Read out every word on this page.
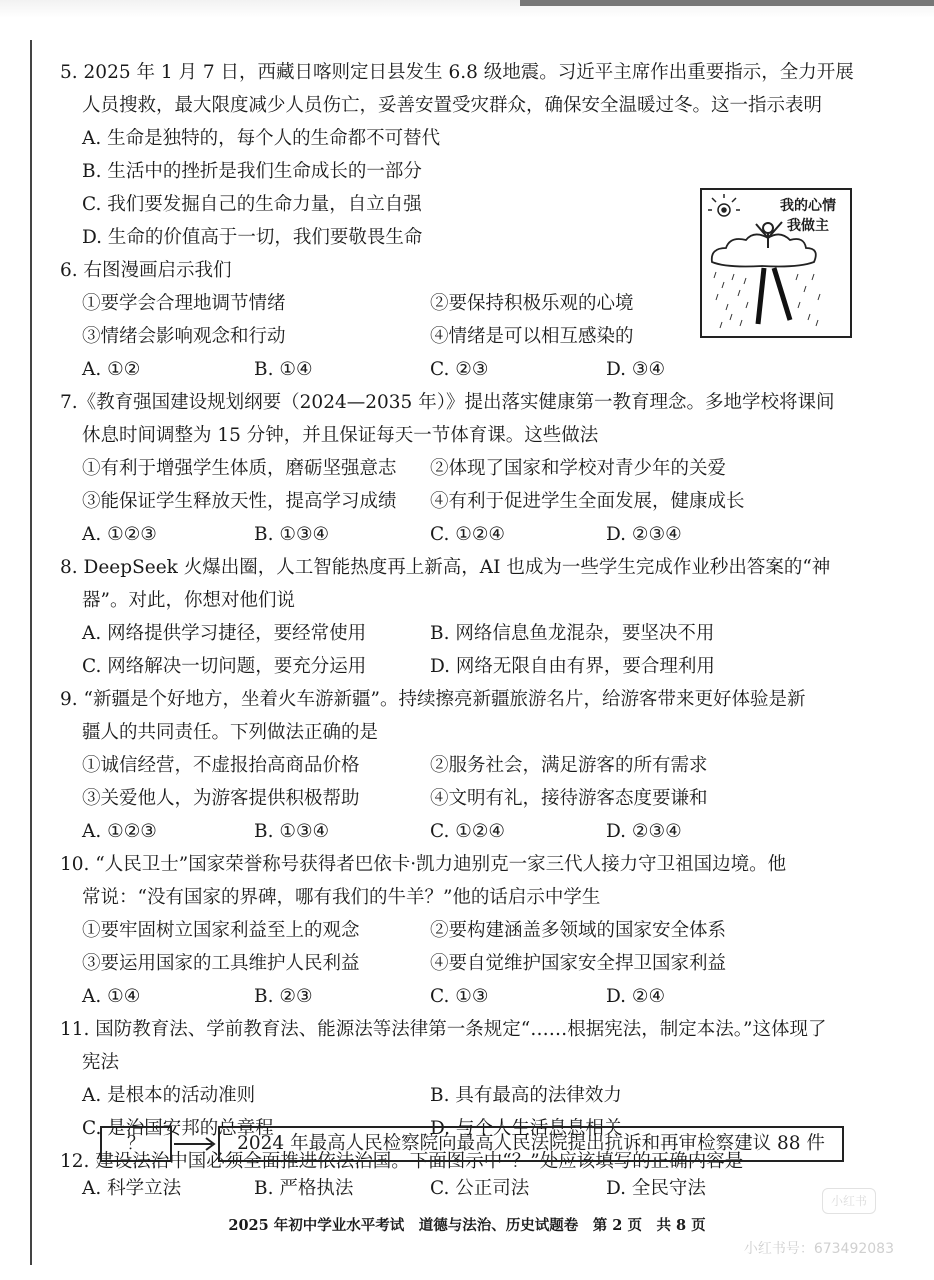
5. 2025 年 1 月 7 日，西藏日喀则定日县发生 6.8 级地震。习近平主席作出重要指示，全力开展

人员搜救，最大限度减少人员伤亡，妥善安置受灾群众，确保安全温暖过冬。这一指示表明

A. 生命是独特的，每个人的生命都不可替代
B. 生活中的挫折是我们生命成长的一部分
C. 我们要发掘自己的生命力量，自立自强
D. 生命的价值高于一切，我们要敬畏生命

6. 右图漫画启示我们

①要学会合理地调节情绪	②要保持积极乐观的心境
③情绪会影响观念和行动	④情绪是可以相互感染的
A. ①②	B. ①④	C. ②③	D. ③④

7.《教育强国建设规划纲要（2024—2035 年）》提出落实健康第一教育理念。多地学校将课间

休息时间调整为 15 分钟，并且保证每天一节体育课。这些做法

①有利于增强学生体质，磨砺坚强意志	②体现了国家和学校对青少年的关爱
③能保证学生释放天性，提高学习成绩	④有利于促进学生全面发展，健康成长
A. ①②③	B. ①③④	C. ①②④	D. ②③④

8. DeepSeek 火爆出圈，人工智能热度再上新高，AI 也成为一些学生完成作业秒出答案的“神

器”。对此，你想对他们说

A. 网络提供学习捷径，要经常使用	B. 网络信息鱼龙混杂，要坚决不用
C. 网络解决一切问题，要充分运用	D. 网络无限自由有界，要合理利用

9. “新疆是个好地方，坐着火车游新疆”。持续擦亮新疆旅游名片，给游客带来更好体验是新

疆人的共同责任。下列做法正确的是

①诚信经营，不虚报抬高商品价格	②服务社会，满足游客的所有需求
③关爱他人，为游客提供积极帮助	④文明有礼，接待游客态度要谦和
A. ①②③	B. ①③④	C. ①②④	D. ②③④

10. “人民卫士”国家荣誉称号获得者巴依卡·凯力迪别克一家三代人接力守卫祖国边境。他

常说：“没有国家的界碑，哪有我们的牛羊？”他的话启示中学生

①要牢固树立国家利益至上的观念	②要构建涵盖多领域的国家安全体系
③要运用国家的工具维护人民利益	④要自觉维护国家安全捍卫国家利益
A. ①④	B. ②③	C. ①③	D. ②④

11. 国防教育法、学前教育法、能源法等法律第一条规定“……根据宪法，制定本法。”这体现了

宪法

A. 是根本的活动准则	B. 具有最高的法律效力
C. 是治国安邦的总章程	D. 与个人生活息息相关

12. 建设法治中国必须全面推进依法治国。下面图示中“？”处应该填写的正确内容是

我的心情
我做主
？	2024 年最高人民检察院向最高人民法院提出抗诉和再审检察建议 88 件
A. 科学立法	B. 严格执法	C. 公正司法	D. 全民守法
小红书
2025 年初中学业水平考试　道德与法治、历史试题卷　第 2 页　共 8 页
小红书号：673492083
